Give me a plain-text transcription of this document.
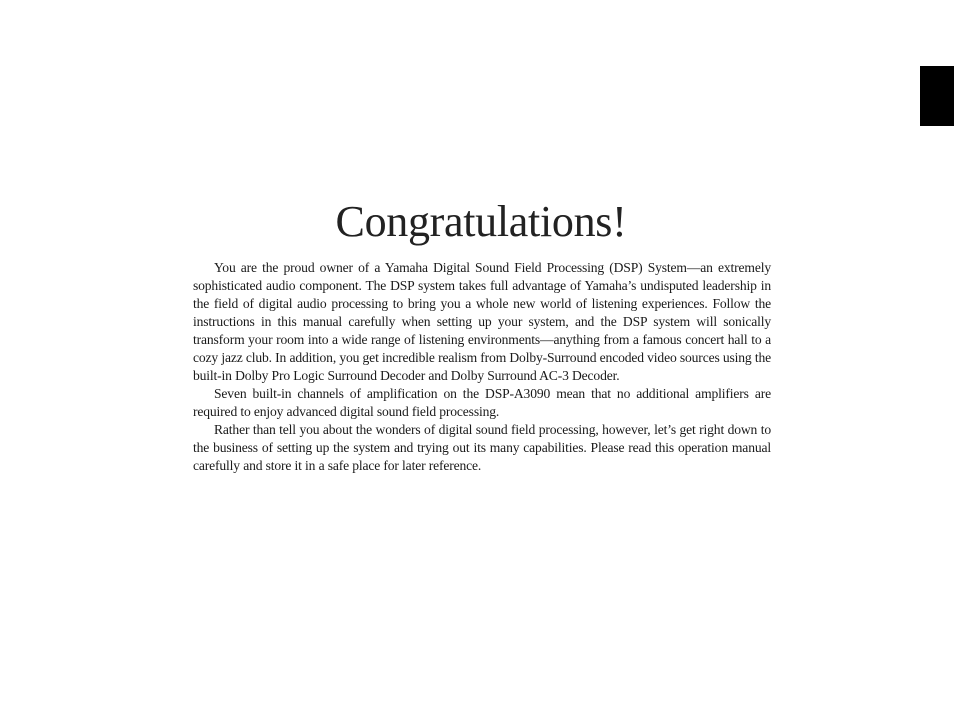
Congratulations!

You are the proud owner of a Yamaha Digital Sound Field Processing (DSP) System—an extremely sophisticated audio component. The DSP system takes full advantage of Yamaha’s undisputed leadership in the field of digital audio processing to bring you a whole new world of listening experiences. Follow the instructions in this manual carefully when setting up your system, and the DSP system will sonically transform your room into a wide range of listening environments—anything from a famous concert hall to a cozy jazz club. In addition, you get incredible realism from Dolby-Surround encoded video sources using the built-in Dolby Pro Logic Surround Decoder and Dolby Surround AC-3 Decoder.

Seven built-in channels of amplification on the DSP-A3090 mean that no additional amplifiers are required to enjoy advanced digital sound field processing.

Rather than tell you about the wonders of digital sound field processing, however, let’s get right down to the business of setting up the system and trying out its many capabilities. Please read this operation manual carefully and store it in a safe place for later reference.
